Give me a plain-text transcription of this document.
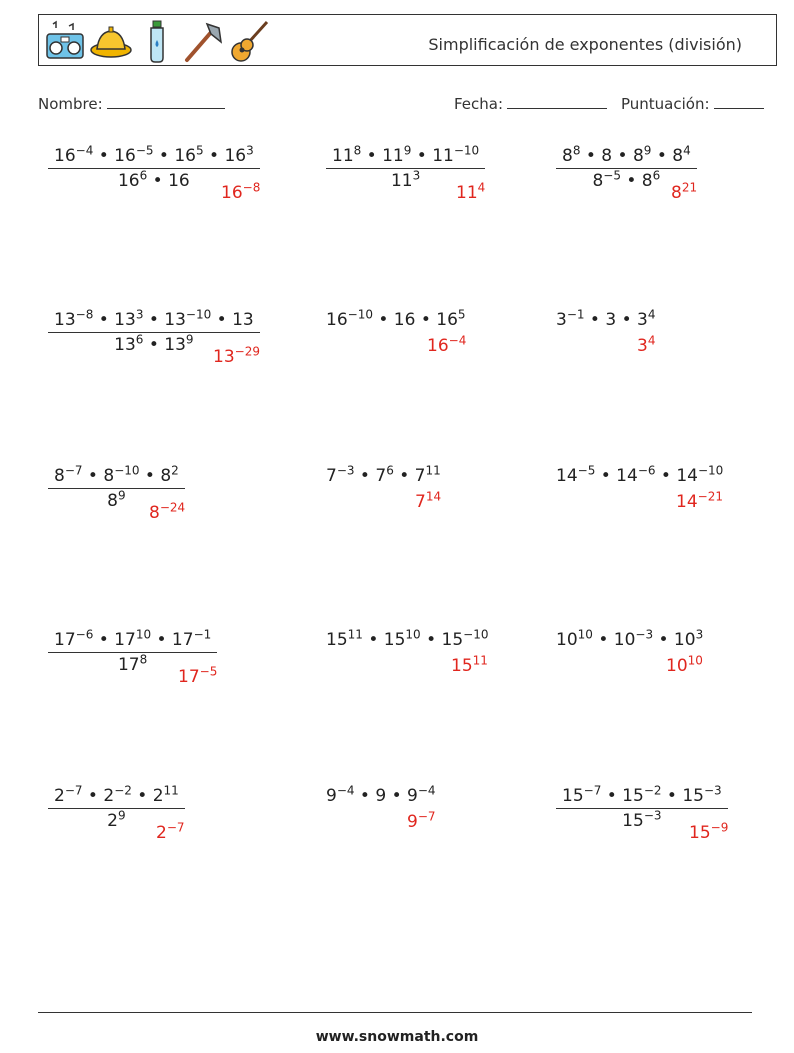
Simplificación de exponentes (división)
Nombre:	Fecha:	Puntuación:
$\frac{16^{-4} • 16^{-5} • 16^5 • 16^3}{16^6 • 16}$
$16^{-8}$	$\frac{11^8 • 11^9 • 11^{-10}}{11^3}$
$11^4$	$\frac{8^8 • 8 • 8^9 • 8^4}{8^{-5} • 8^6}$
$8^{21}$
$\frac{13^{-8} • 13^3 • 13^{-10} • 13}{13^6 • 13^9}$
$13^{-29}$
$16^{-10}$ • 16 • $16^5$
$16^{-4}$
$3^{-1}$ • 3 • $3^4$
$3^4$
$\frac{8^{-7} • 8^{-10} • 8^2}{8^9}$
$8^{-24}$
$7^{-3}$ • $7^6$ • $7^{11}$
$7^{14}$
$14^{-5}$ • $14^{-6}$ • $14^{-10}$
$14^{-21}$
$\frac{17^{-6} • 17^{10} • 17^{-1}}{17^8}$
$17^{-5}$
$15^{11}$ • $15^{10}$ • $15^{-10}$
$15^{11}$
$10^{10}$ • $10^{-3}$ • $10^3$
$10^{10}$
$\frac{2^{-7} • 2^{-2} • 2^{11}}{2^9}$
$2^{-7}$
$9^{-4}$ • 9 • $9^{-4}$
$9^{-7}$	$\frac{15^{-7} • 15^{-2} • 15^{-3}}{15^{-3}}$
$15^{-9}$
www.snowmath.com
